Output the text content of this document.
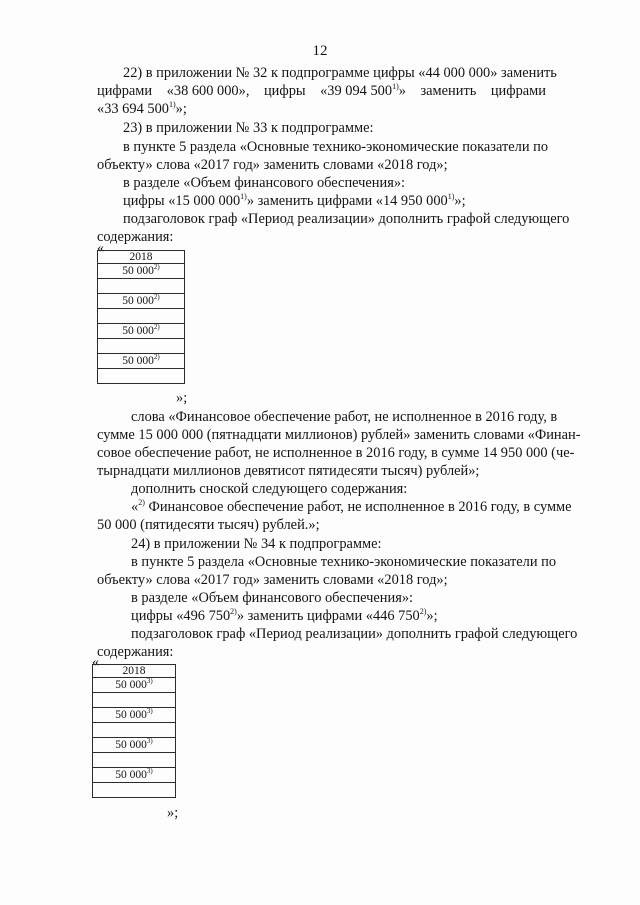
12
22) в приложении № 32 к подпрограмме цифры «44 000 000» заменить
цифрами «38 600 000», цифры «39 094 500$^{1)}$» заменить цифрами
«33 694 500$^{1)}$»;
23) в приложении № 33 к подпрограмме:
в пункте 5 раздела «Основные технико-экономические показатели по
объекту» слова «2017 год» заменить словами «2018 год»;
в разделе «Объем финансового обеспечения»:
цифры «15 000 000$^{1)}$» заменить цифрами «14 950 000$^{1)}$»;
подзаголовок граф «Период реализации» дополнить графой следующего
содержания:
«
2018
50 000$^{2)}$

50 000$^{2)}$

50 000$^{2)}$

50 000$^{2)}$

»;
слова «Финансовое обеспечение работ, не исполненное в 2016 году, в
сумме 15 000 000 (пятнадцати миллионов) рублей» заменить словами «Финан-
совое обеспечение работ, не исполненное в 2016 году, в сумме 14 950 000 (че-
тырнадцати миллионов девятисот пятидесяти тысяч) рублей»;
дополнить сноской следующего содержания:
«$^{2)}$ Финансовое обеспечение работ, не исполненное в 2016 году, в сумме
50 000 (пятидесяти тысяч) рублей.»;
24) в приложении № 34 к подпрограмме:
в пункте 5 раздела «Основные технико-экономические показатели по
объекту» слова «2017 год» заменить словами «2018 год»;
в разделе «Объем финансового обеспечения»:
цифры «496 750$^{2)}$» заменить цифрами «446 750$^{2)}$»;
подзаголовок граф «Период реализации» дополнить графой следующего
содержания:
«
2018
50 000$^{3)}$

50 000$^{3)}$

50 000$^{3)}$

50 000$^{3)}$

»;
